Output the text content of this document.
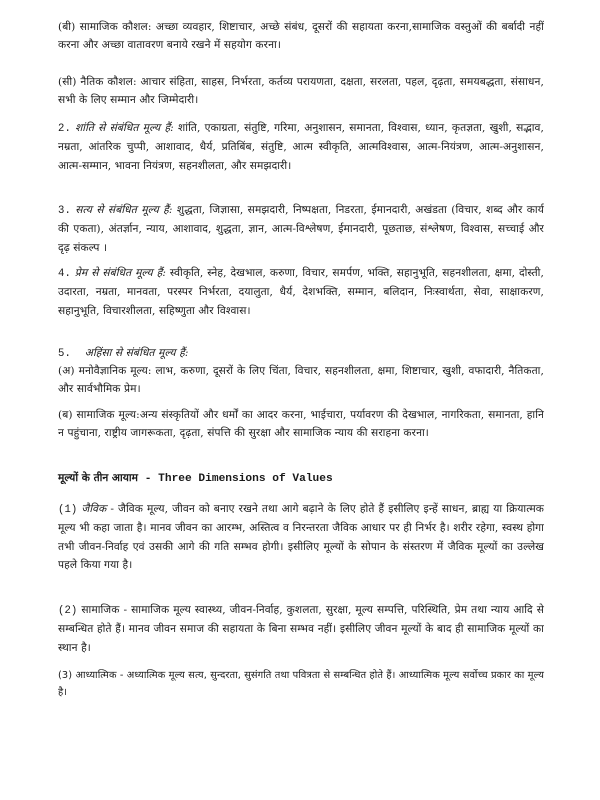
(बी) सामाजिक कौशल: अच्छा व्यवहार, शिष्टाचार, अच्छे संबंध, दूसरों की सहायता करना,सामाजिक वस्तुओं की बर्बादी नहीं करना और अच्छा वातावरण बनाये रखने में सहयोग करना।

(सी) नैतिक कौशल: आचार संहिता, साहस, निर्भरता, कर्तव्य परायणता, दक्षता, सरलता, पहल, दृढ़ता, समयबद्धता, संसाधन, सभी के लिए सम्मान और जिम्मेदारी।

2. शांति से संबंधित मूल्य हैं: शांति, एकाग्रता, संतुष्टि, गरिमा, अनुशासन, समानता, विश्वास, ध्यान, कृतज्ञता, खुशी, सद्भाव, नम्रता, आंतरिक चुप्पी, आशावाद, धैर्य, प्रतिबिंब, संतुष्टि, आत्म स्वीकृति, आत्मविश्वास, आत्म-नियंत्रण, आत्म-अनुशासन, आत्म-सम्मान, भावना नियंत्रण, सहनशीलता, और समझदारी।

3. सत्य से संबंधित मूल्य हैं: शुद्धता, जिज्ञासा, समझदारी, निष्पक्षता, निडरता, ईमानदारी, अखंडता (विचार, शब्द और कार्य की एकता), अंतर्ज्ञान, न्याय, आशावाद, शुद्धता, ज्ञान, आत्म-विश्लेषण, ईमानदारी, पूछताछ, संश्लेषण, विश्वास, सच्चाई और दृढ़ संकल्प ।

4. प्रेम से संबंधित मूल्य हैं: स्वीकृति, स्नेह, देखभाल, करुणा, विचार, समर्पण, भक्ति, सहानुभूति, सहनशीलता, क्षमा, दोस्ती, उदारता, नम्रता, मानवता, परस्पर निर्भरता, दयालुता, धैर्य, देशभक्ति, सम्मान, बलिदान, निःस्वार्थता, सेवा, साक्षाकरण, सहानुभूति, विचारशीलता, सहिष्णुता और विश्वास।

5. अहिंसा से संबंधित मूल्य हैं:

(अ) मनोवैज्ञानिक मूल्य: लाभ, करुणा, दूसरों के लिए चिंता, विचार, सहनशीलता, क्षमा, शिष्टाचार, खुशी, वफादारी, नैतिकता, और सार्वभौमिक प्रेम।

(ब) सामाजिक मूल्य:अन्य संस्कृतियों और धर्मों का आदर करना, भाईचारा, पर्यावरण की देखभाल, नागरिकता, समानता, हानि न पहुंचाना, राष्ट्रीय जागरूकता, दृढ़ता, संपत्ति की सुरक्षा और सामाजिक न्याय की सराहना करना।

मूल्यों के तीन आयाम - Three Dimensions of Values

(1) जैविक - जैविक मूल्य, जीवन को बनाए रखने तथा आगे बढ़ाने के लिए होते हैं इसीलिए इन्हें साधन, ब्राह्य या क्रियात्मक मूल्य भी कहा जाता है। मानव जीवन का आरम्भ, अस्तित्व व निरन्तरता जैविक आधार पर ही निर्भर है। शरीर रहेगा, स्वस्थ होगा तभी जीवन-निर्वाह एवं उसकी आगे की गति सम्भव होगी। इसीलिए मूल्यों के सोपान के संस्तरण में जैविक मूल्यों का उल्लेख पहले किया गया है।

(2) सामाजिक - सामाजिक मूल्य स्वास्थ्य, जीवन-निर्वाह, कुशलता, सुरक्षा, मूल्य सम्पत्ति, परिस्थिति, प्रेम तथा न्याय आदि से सम्बन्धित होते हैं। मानव जीवन समाज की सहायता के बिना सम्भव नहीं। इसीलिए जीवन मूल्यों के बाद ही सामाजिक मूल्यों का स्थान है।

(3) आध्यात्मिक - अध्यात्मिक मूल्य सत्य, सुन्दरता, सुसंगति तथा पवित्रता से सम्बन्धित होते हैं। आध्यात्मिक मूल्य सर्वोच्च प्रकार का मूल्य है।
